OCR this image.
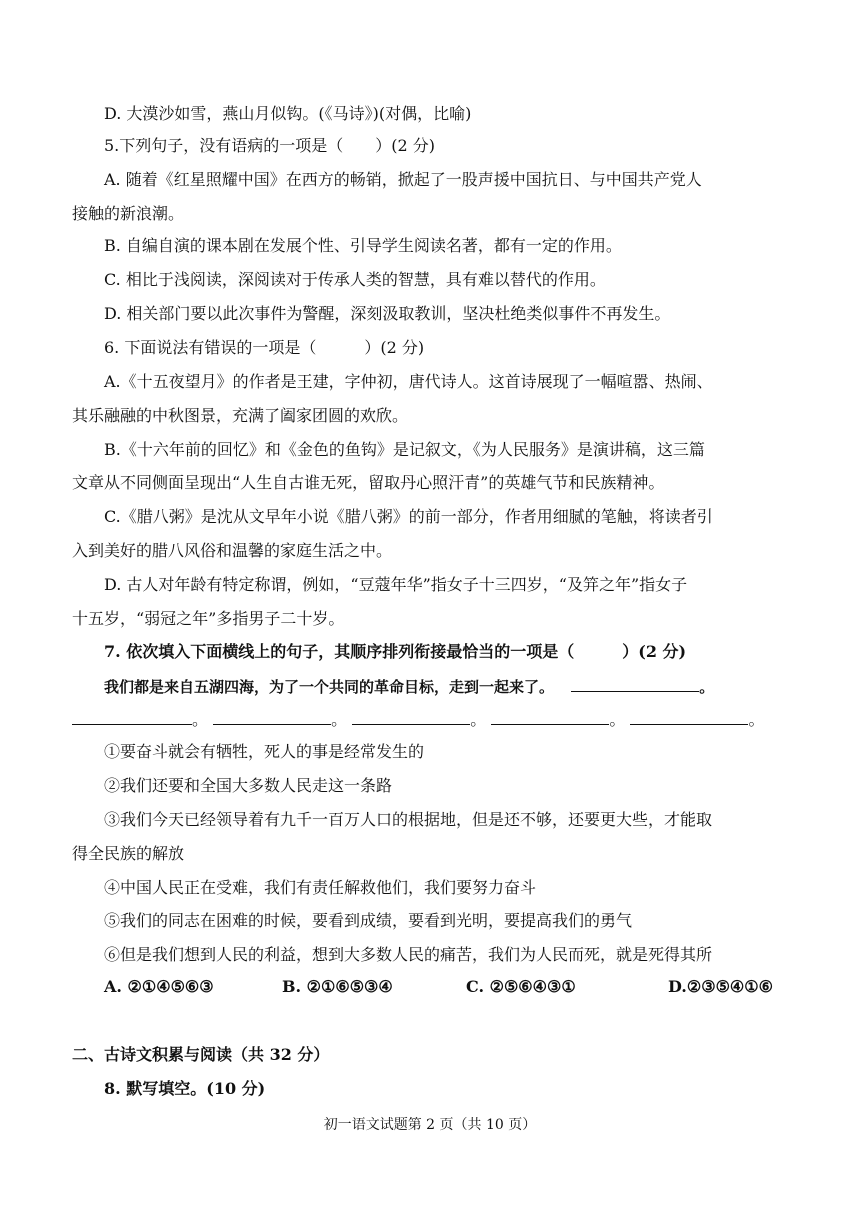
D. 大漠沙如雪，燕山月似钩。(《马诗》)(对偶，比喻)
5.下列句子，没有语病的一项是（　　）(2 分)
A. 随着《红星照耀中国》在西方的畅销，掀起了一股声援中国抗日、与中国共产党人
接触的新浪潮。
B. 自编自演的课本剧在发展个性、引导学生阅读名著，都有一定的作用。
C. 相比于浅阅读，深阅读对于传承人类的智慧，具有难以替代的作用。
D. 相关部门要以此次事件为警醒，深刻汲取教训，坚决杜绝类似事件不再发生。
6. 下面说法有错误的一项是（　　　）(2 分)
A.《十五夜望月》的作者是王建，字仲初，唐代诗人。这首诗展现了一幅喧嚣、热闹、
其乐融融的中秋图景，充满了阖家团圆的欢欣。
B.《十六年前的回忆》和《金色的鱼钩》是记叙文，《为人民服务》是演讲稿，这三篇
文章从不同侧面呈现出“人生自古谁无死，留取丹心照汗青”的英雄气节和民族精神。
C.《腊八粥》是沈从文早年小说《腊八粥》的前一部分，作者用细腻的笔触，将读者引
入到美好的腊八风俗和温馨的家庭生活之中。
D. 古人对年龄有特定称谓，例如，“豆蔻年华”指女子十三四岁，“及笄之年”指女子
十五岁，“弱冠之年”多指男子二十岁。
7. 依次填入下面横线上的句子，其顺序排列衔接最恰当的一项是（　　　）(2 分)
我们都是来自五湖四海，为了一个共同的革命目标，走到一起来了。	。
。	。	。	。	。
①要奋斗就会有牺牲，死人的事是经常发生的
②我们还要和全国大多数人民走这一条路
③我们今天已经领导着有九千一百万人口的根据地，但是还不够，还要更大些，才能取
得全民族的解放
④中国人民正在受难，我们有责任解救他们，我们要努力奋斗
⑤我们的同志在困难的时候，要看到成绩，要看到光明，要提高我们的勇气
⑥但是我们想到人民的利益，想到大多数人民的痛苦，我们为人民而死，就是死得其所
A. ②①④⑤⑥③	B. ②①⑥⑤③④	C. ②⑤⑥④③①	D.②③⑤④①⑥
二、古诗文积累与阅读（共 32 分）
8. 默写填空。(10 分)
初一语文试题第 2 页（共 10 页）
